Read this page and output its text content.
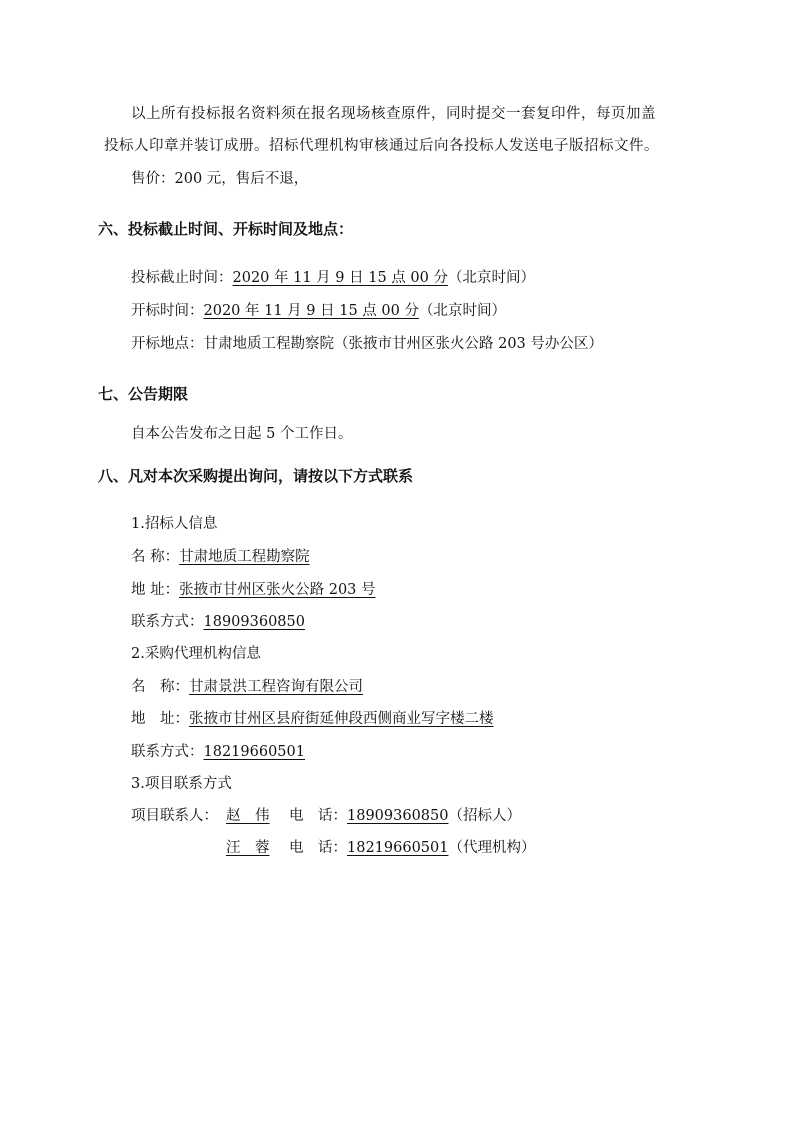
以上所有投标报名资料须在报名现场核查原件，同时提交一套复印件，每页加盖
投标人印章并装订成册。招标代理机构审核通过后向各投标人发送电子版招标文件。
售价：200 元，售后不退，
六、投标截止时间、开标时间及地点：
投标截止时间：2020 年 11 月 9 日 15 点 00 分（北京时间）
开标时间：2020 年 11 月 9 日 15 点 00 分（北京时间）
开标地点：甘肃地质工程勘察院（张掖市甘州区张火公路 203 号办公区）
七、公告期限
自本公告发布之日起 5 个工作日。
八、凡对本次采购提出询问，请按以下方式联系
1.招标人信息
名 称：甘肃地质工程勘察院
地 址：张掖市甘州区张火公路 203 号
联系方式：18909360850
2.采购代理机构信息
名　称：甘肃景洪工程咨询有限公司
地　址：张掖市甘州区县府街延伸段西侧商业写字楼二楼
联系方式：18219660501
3.项目联系方式
项目联系人： 赵　伟 电　话：18909360850（招标人）
汪　蓉 电　话：18219660501（代理机构）
